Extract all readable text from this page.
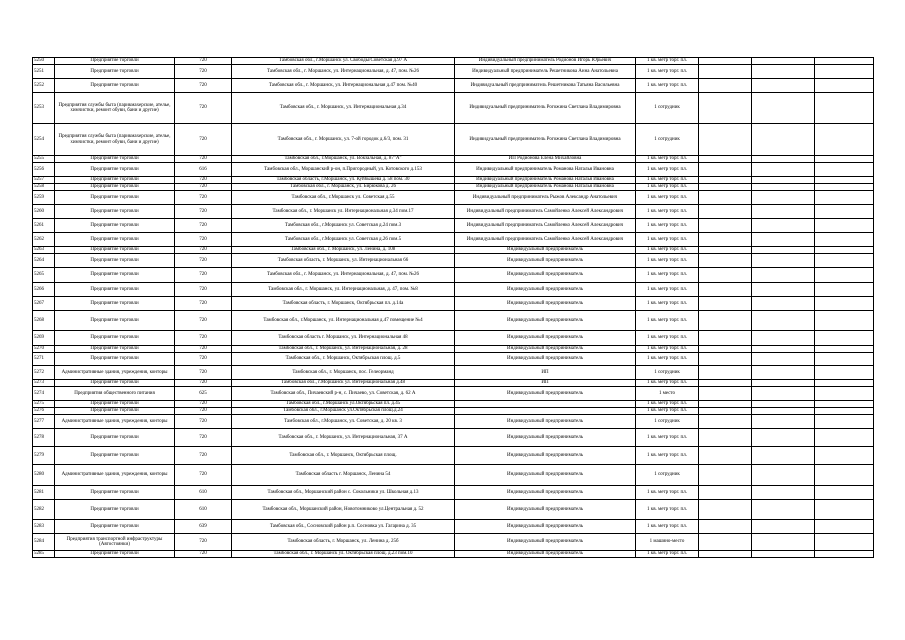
5250	Предприятие торговли	720	Тамбовская обл., г.Моршанск ул. Свободы/Советская д.97 А	Индивидуальный предприниматель Родионов Игорь Юрьевич	1 кв. метр торг. пл.			
5251	Предприятие торговли	720	Тамбовская обл., г. Моршанск, ул. Интернациональная, д. 47, пом. №26	Индивидуальный предприниматель Решетникова Анна Анатольевна	1 кв. метр торг. пл.			
5252	Предприятие торговли	720	Тамбовская обл., г. Моршанск, ул. Интернациональная д.47 пом. №40	Индивидуальный предприниматель Решетникова Татьяна Васильевна	1 кв. метр торг. пл.			
5253	Предприятия службы быта (парикмахерские, ателье, химчистки, ремонт обуви, бани и другие)	720	Тамбовская обл., г. Моршанск, ул. Интернациональная д.34	Индивидуальный предприниматель Рогожина Светлана Владимировна	1 сотрудник			
5254	Предприятия службы быта (парикмахерские, ателье, химчистки, ремонт обуви, бани и другие)	720	Тамбовская обл., г. Моршанск, ул. 7-ой городок д.6/3, пом. 31	Индивидуальный предприниматель Рогожина Светлана Владимировна	1 сотрудник			
5255	Предприятие торговли	720	Тамбовская обл., г.Моршанск, ул. Вокзальная, д. 87"А"	ИП Родионова Елена Михайловна	1 кв. метр торг. пл.			
5256	Предприятие торговли	616	Тамбовская обл., Моршанский р-он, п.Пригородный, ул. Котовского д.153	Индивидуальный предприниматель Романова Наталья Ивановна	1 кв. метр торг. пл.			
5257	Предприятие торговли	720	Тамбовская область, г.Моршанск, ул. Куйбышева д. 58 пом. 30	Индивидуальный предприниматель Романова Наталья Ивановна	1 кв. метр торг. пл.			
5258	Предприятие торговли	720	Тамбовская обл., г. Моршанск, ул. Бирюкова д. 26	Индивидуальный предприниматель Романова Наталья Ивановна	1 кв. метр торг. пл.			
5259	Предприятие торговли	720	Тамбовская обл., г.Моршанск ул. Советская д.55	Индивидуальный предприниматель Рыжов Александр Анатольевич	1 кв. метр торг. пл.			
5260	Предприятие торговли	720	Тамбовская обл., г. Моршанск ул. Интернациональная д.34 пом.17	Индивидуальный предприниматель Самойленко Алексей Александрович	1 кв. метр торг. пл.			
5261	Предприятие торговли	720	Тамбовская обл., г.Моршанск ул. Советская д.24 пом.3	Индивидуальный предприниматель Самойленко Алексей Александрович	1 кв. метр торг. пл.			
5262	Предприятие торговли	720	Тамбовская обл., г.Моршанск ул. Советская д.26 пом.5	Индивидуальный предприниматель Самойленко Алексей Александрович	1 кв. метр торг. пл.			
5263	Предприятие торговли	720	Тамбовская обл., г. Моршанск, ул. Ленина, д. 108	Индивидуальный предприниматель	1 кв. метр торг. пл.			
5264	Предприятие торговли	720	Тамбовская область, г. Моршанск, ул. Интернациональная 66	Индивидуальный предприниматель	1 кв. метр торг. пл.			
5265	Предприятие торговли	720	Тамбовская обл., г. Моршанск, ул. Интернациональная, д. 47, пом. №26	Индивидуальный предприниматель	1 кв. метр торг. пл.			
5266	Предприятие торговли	720	Тамбовская обл., г. Моршанск, ул. Интернациональная, д. 47, пом. №8	Индивидуальный предприниматель	1 кв. метр торг. пл.			
5267	Предприятие торговли	720	Тамбовская область, г. Моршанск, Октябрьская пл. д.14а	Индивидуальный предприниматель	1 кв. метр торг. пл.			
5268	Предприятие торговли	720	Тамбовская обл., г.Моршанск, ул. Интернациональная д.47 помещение №4	Индивидуальный предприниматель	1 кв. метр торг. пл.			
5269	Предприятие торговли	720	Тамбовская область г. Моршанск, ул. Интернациональная 48	Индивидуальный предприниматель	1 кв. метр торг. пл.			
5270	Предприятие торговли	720	Тамбовская обл., г. Моршанск, ул. Интернациональная, д. 28	Индивидуальный предприниматель	1 кв. метр торг. пл.			
5271	Предприятие торговли	720	Тамбовская обл., г. Моршанск, Октябрьская площ. д.5	Индивидуальный предприниматель	1 кв. метр торг. пл.			
5272	Административные здания, учреждения, конторы	720	Тамбовская обл., г. Моршанск, пос. Гелеорманд	ИП	1 сотрудник			
5273	Предприятие торговли	720	Тамбовская обл., г.Моршанск ул. Интернациональная д.48	ИП	1 кв. метр торг. пл.			
5274	Предприятия общественного питания	625	Тамбовская обл., Пичаевский р-н, с. Пичаево, ул. Советская, д. 62 А	Индивидуальный предприниматель	1 место			
5275	Предприятие торговли	720	Тамбовская обл., г.Моршанск ул.Октябрьская пл. д.45		1 кв. метр торг. пл.			
5276	Предприятие торговли	720	Тамбовская обл., г.Моршанск ул.Октябрьская площ.д.24		1 кв. метр торг. пл.			
5277	Административные здания, учреждения, конторы	720	Тамбовская обл., г.Моршанск, ул. Советская, д. 20 кв. 3	Индивидуальный предприниматель	1 сотрудник			
5278	Предприятие торговли	720	Тамбовская обл., г. Моршанск, ул. Интернациональная, 37 А	Индивидуальный предприниматель	1 кв. метр торг. пл.			
5279	Предприятие торговли	720	Тамбовская обл., г. Моршанск, Октябрьская площ.	Индивидуальный предприниматель	1 кв. метр торг. пл.			
5280	Административные здания, учреждения, конторы	720	Тамбовская область г. Моршанск, Ленина 54	Индивидуальный предприниматель	1 сотрудник			
5281	Предприятие торговли	610	Тамбовская обл., Моршанский район с. Сокольники ул. Школьная д.13	Индивидуальный предприниматель	1 кв. метр торг. пл.			
5282	Предприятие торговли	610	Тамбовская обл., Моршанский район, Новотомниково ул.Центральная д. 52	Индивидуальный предприниматель	1 кв. метр торг. пл.			
5283	Предприятие торговли	639	Тамбовская обл., Сосновский район р.п. Сосновка ул. Гагарина д. 35	Индивидуальный предприниматель	1 кв. метр торг. пл.			
5284	Предприятия транспортной инфраструктуры (Автостоянки)	720	Тамбовская область, г. Моршанск, ул. Ленина д. 25б	Индивидуальный предприниматель	1 машино-место			
5285	Предприятие торговли	720	Тамбовская обл., г. Моршанск ул. Октябрьская площ. д.23 пом.10	Индивидуальный предприниматель	1 кв. метр торг. пл.			
